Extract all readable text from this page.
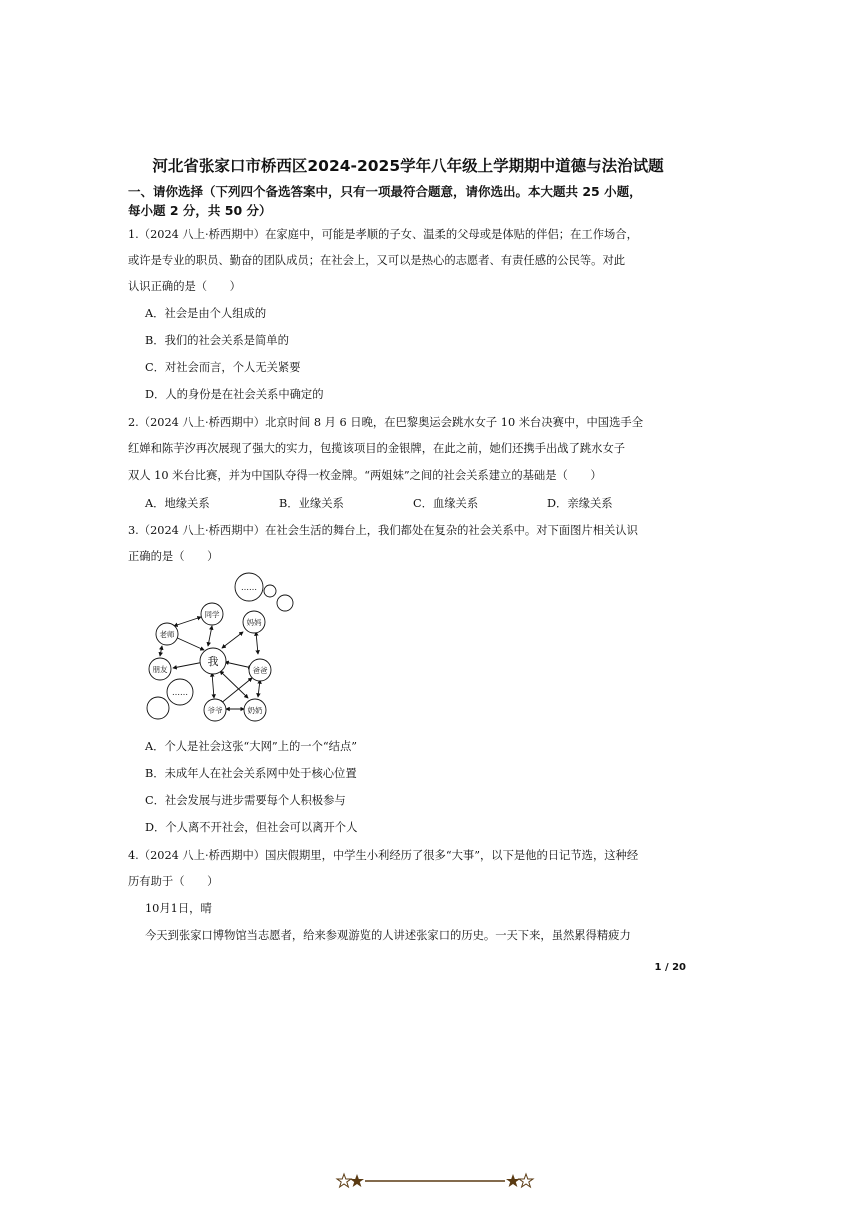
河北省张家口市桥西区2024-2025学年八年级上学期期中道德与法治试题
一、请你选择（下列四个备选答案中，只有一项最符合题意，请你选出。本大题共 25 小题，
每小题 2 分，共 50 分）
1.（2024 八上·桥西期中）在家庭中，可能是孝顺的子女、温柔的父母或是体贴的伴侣；在工作场合，
或许是专业的职员、勤奋的团队成员；在社会上，又可以是热心的志愿者、有责任感的公民等。对此
认识正确的是（　　）
A．社会是由个人组成的
B．我们的社会关系是简单的
C．对社会而言，个人无关紧要
D．人的身份是在社会关系中确定的
2.（2024 八上·桥西期中）北京时间 8 月 6 日晚，在巴黎奥运会跳水女子 10 米台决赛中，中国选手全
红婵和陈芋汐再次展现了强大的实力，包揽该项目的金银牌，在此之前，她们还携手出战了跳水女子
双人 10 米台比赛，并为中国队夺得一枚金牌。“两姐妹”之间的社会关系建立的基础是（　　）
A．地缘关系	B．业缘关系	C．血缘关系	D．亲缘关系
3.（2024 八上·桥西期中）在社会生活的舞台上，我们都处在复杂的社会关系中。对下面图片相关认识
正确的是（　　）
……
……
我
同学
老师
朋友
妈妈
爸爸
爷爷	奶奶
A．个人是社会这张“大网”上的一个“结点”
B．未成年人在社会关系网中处于核心位置
C．社会发展与进步需要每个人积极参与
D．个人离不开社会，但社会可以离开个人
4.（2024 八上·桥西期中）国庆假期里，中学生小利经历了很多“大事”，以下是他的日记节选，这种经
历有助于（　　）
10月1日，晴
今天到张家口博物馆当志愿者，给来参观游览的人讲述张家口的历史。一天下来，虽然累得精疲力
1 / 20
